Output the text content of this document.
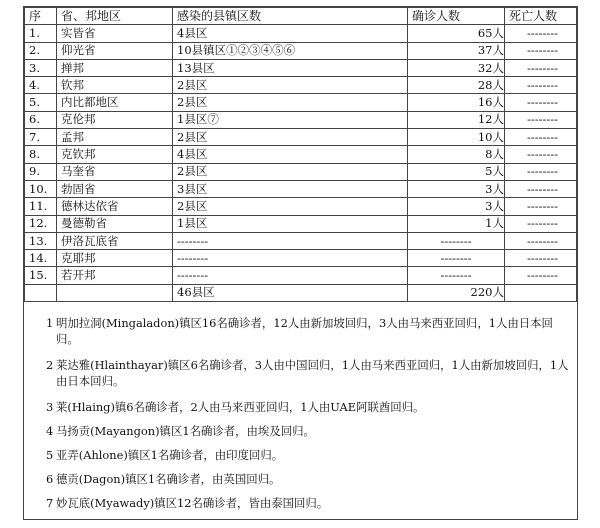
序	省、邦地区	感染的县镇区数	确诊人数	死亡人数
1.	实皆省	4县区	65人	--------
2.	仰光省	10县镇区①②③④⑤⑥	37人	--------
3.	掸邦	13县区	32人	--------
4.	钦邦	2县区	28人	--------
5.	内比都地区	2县区	16人	--------
6.	克伦邦	1县区⑦	12人	--------
7.	孟邦	2县区	10人	--------
8.	克钦邦	4县区	8人	--------
9.	马奎省	2县区	5人	--------
10.	勃固省	3县区	3人	--------
11.	德林达依省	2县区	3人	--------
12.	曼德勒省	1县区	1人	--------
13.	伊洛瓦底省	--------	--------	--------
14.	克耶邦	--------	--------	--------
15.	若开邦	--------	--------	--------
		46县区	220人	
1 明加拉洞(Mingaladon)镇区16名确诊者，12人由新加坡回归，3人由马来西亚回归，1人由日本回归。
2 莱达雅(Hlainthayar)镇区6名确诊者，3人由中国回归，1人由马来西亚回归，1人由新加坡回归，1人由日本回归。
3 莱(Hlaing)镇6名确诊者，2人由马来西亚回归，1人由UAE阿联酋回归。
4 马扬贡(Mayangon)镇区1名确诊者，由埃及回归。
5 亚弄(Ahlone)镇区1名确诊者，由印度回归。
6 德贡(Dagon)镇区1名确诊者，由英国回归。
7 妙瓦底(Myawady)镇区12名确诊者，皆由泰国回归。
